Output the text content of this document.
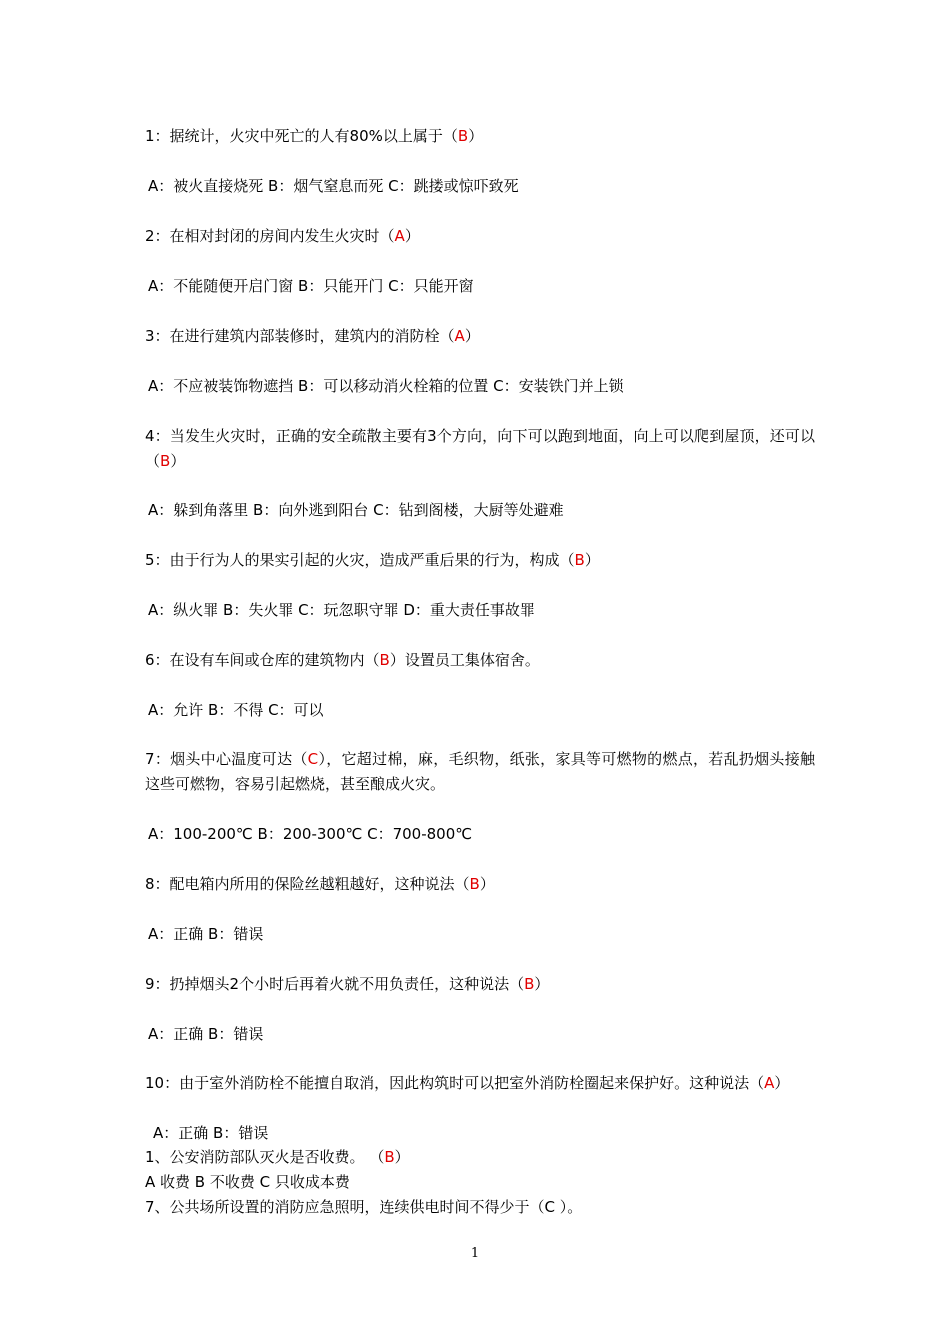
1：据统计，火灾中死亡的人有80%以上属于（B）
A：被火直接烧死 B：烟气窒息而死 C：跳搂或惊吓致死
2：在相对封闭的房间内发生火灾时（A）
A：不能随便开启门窗 B：只能开门 C：只能开窗
3：在进行建筑内部装修时，建筑内的消防栓（A）
A：不应被装饰物遮挡 B：可以移动消火栓箱的位置 C：安装铁门并上锁
4：当发生火灾时，正确的安全疏散主要有3个方向，向下可以跑到地面，向上可以爬到屋顶，还可以（B）
A：躲到角落里 B：向外逃到阳台 C：钻到阁楼，大厨等处避难
5：由于行为人的果实引起的火灾，造成严重后果的行为，构成（B）
A：纵火罪 B：失火罪 C：玩忽职守罪 D：重大责任事故罪
6：在设有车间或仓库的建筑物内（B）设置员工集体宿舍。
A：允许 B：不得 C：可以
7：烟头中心温度可达（C），它超过棉，麻，毛织物，纸张，家具等可燃物的燃点，若乱扔烟头接触这些可燃物，容易引起燃烧，甚至酿成火灾。
A：100-200℃ B：200-300℃ C：700-800℃
8：配电箱内所用的保险丝越粗越好，这种说法（B）
A：正确 B：错误
9：扔掉烟头2个小时后再着火就不用负责任，这种说法（B）
A：正确 B：错误
10：由于室外消防栓不能擅自取消，因此构筑时可以把室外消防栓圈起来保护好。这种说法（A）
A：正确 B：错误
1、公安消防部队灭火是否收费。 （B）
A 收费 B 不收费 C 只收成本费
7、公共场所设置的消防应急照明，连续供电时间不得少于（C ）。
1
